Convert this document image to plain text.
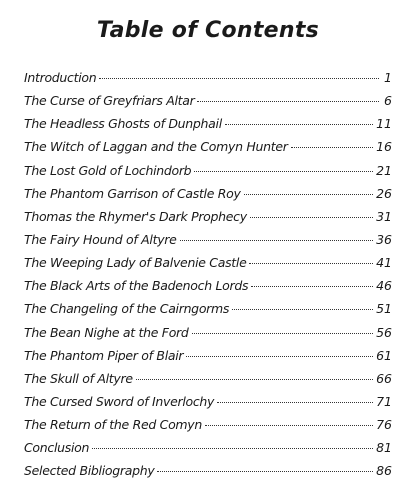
Table of Contents
Introduction	1
The Curse of Greyfriars Altar	6
The Headless Ghosts of Dunphail	11
The Witch of Laggan and the Comyn Hunter	16
The Lost Gold of Lochindorb	21
The Phantom Garrison of Castle Roy	26
Thomas the Rhymer's Dark Prophecy	31
The Fairy Hound of Altyre	36
The Weeping Lady of Balvenie Castle	41
The Black Arts of the Badenoch Lords	46
The Changeling of the Cairngorms	51
The Bean Nighe at the Ford	56
The Phantom Piper of Blair	61
The Skull of Altyre	66
The Cursed Sword of Inverlochy	71
The Return of the Red Comyn	76
Conclusion	81
Selected Bibliography	86
